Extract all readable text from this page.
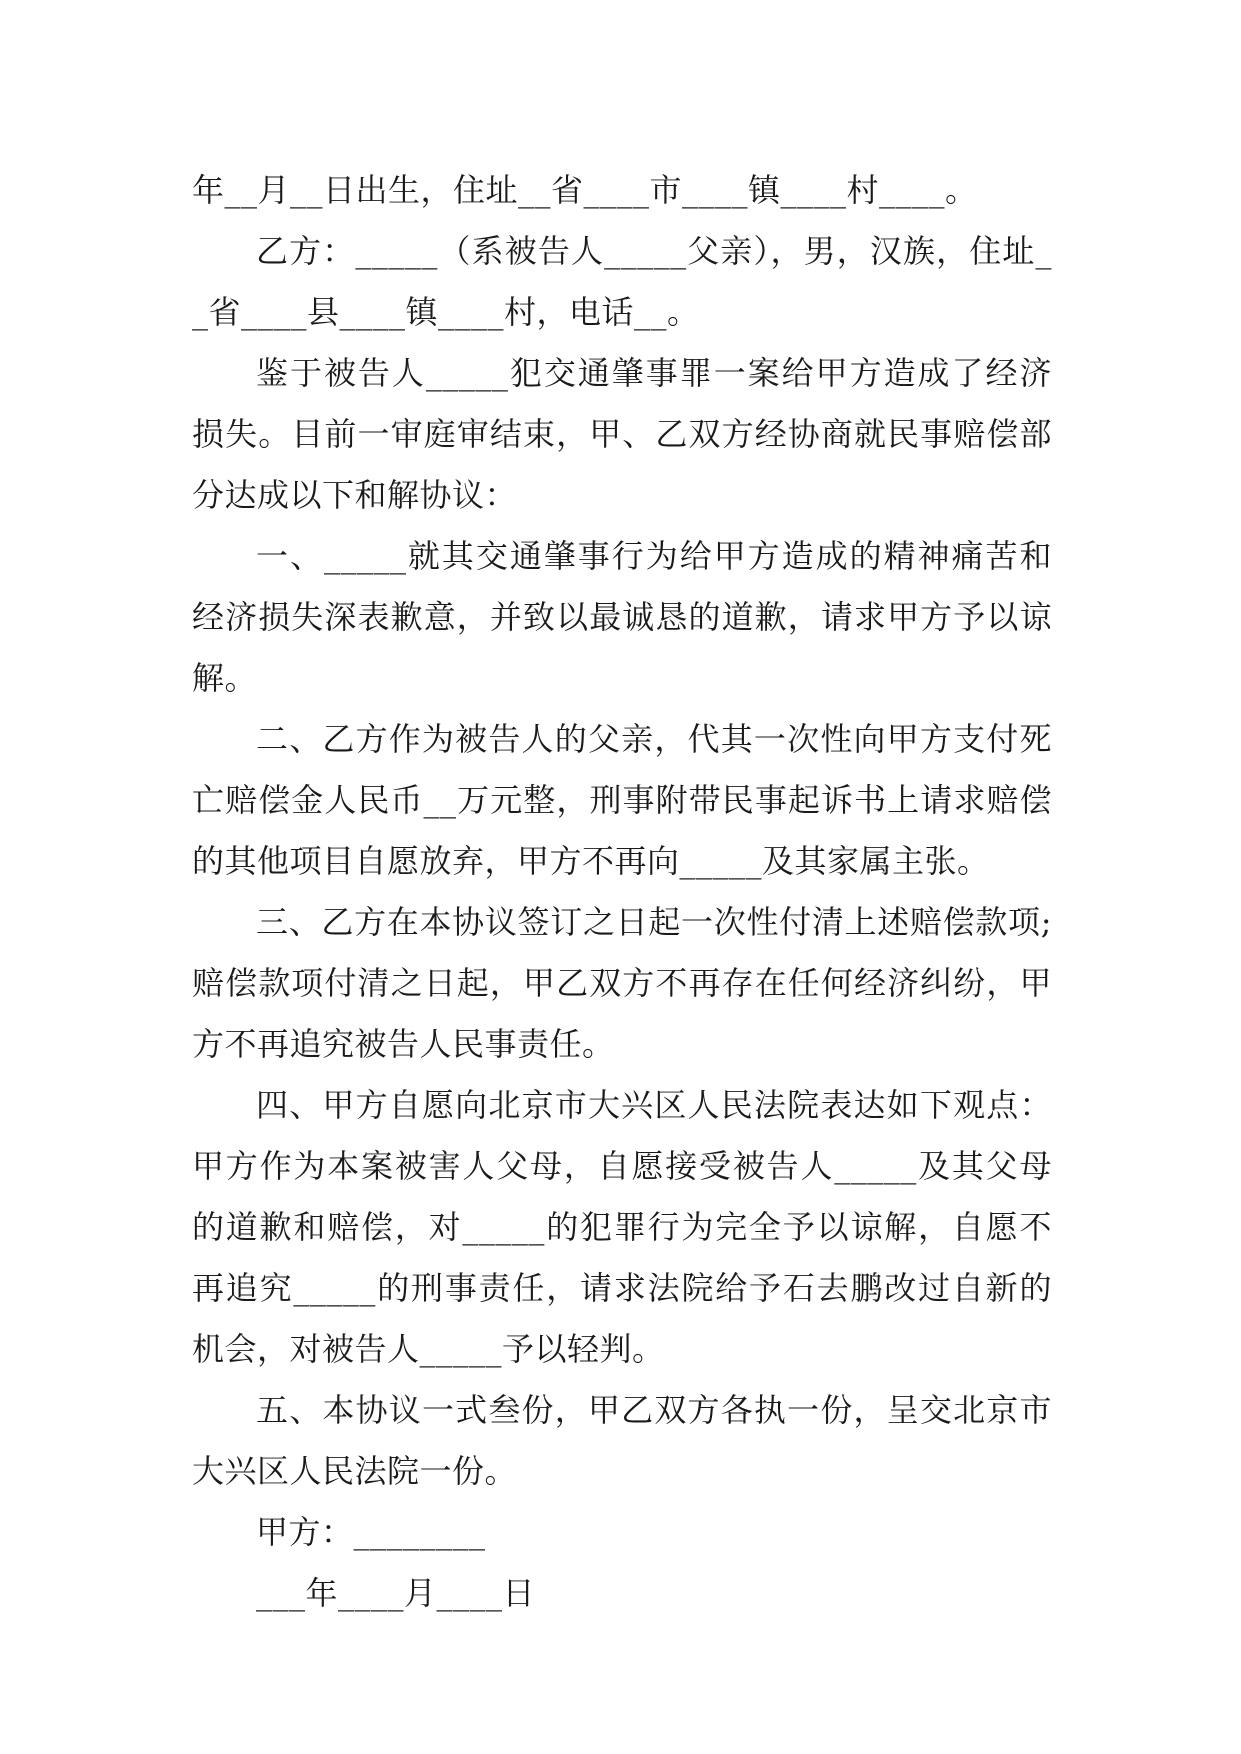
年__月__日出生，住址__省____市____镇____村____。

乙方：_____（系被告人_____父亲），男，汉族，住址__省____县____镇____村，电话__。

鉴于被告人_____犯交通肇事罪一案给甲方造成了经济损失。目前一审庭审结束，甲、乙双方经协商就民事赔偿部分达成以下和解协议：

一、_____就其交通肇事行为给甲方造成的精神痛苦和经济损失深表歉意，并致以最诚恳的道歉，请求甲方予以谅解。

二、乙方作为被告人的父亲，代其一次性向甲方支付死亡赔偿金人民币__万元整，刑事附带民事起诉书上请求赔偿的其他项目自愿放弃，甲方不再向_____及其家属主张。

三、乙方在本协议签订之日起一次性付清上述赔偿款项;赔偿款项付清之日起，甲乙双方不再存在任何经济纠纷，甲方不再追究被告人民事责任。

四、甲方自愿向北京市大兴区人民法院表达如下观点：甲方作为本案被害人父母，自愿接受被告人_____及其父母的道歉和赔偿，对_____的犯罪行为完全予以谅解，自愿不再追究_____的刑事责任，请求法院给予石去鹏改过自新的机会，对被告人_____予以轻判。

五、本协议一式叁份，甲乙双方各执一份，呈交北京市大兴区人民法院一份。

甲方：________

___年____月____日
